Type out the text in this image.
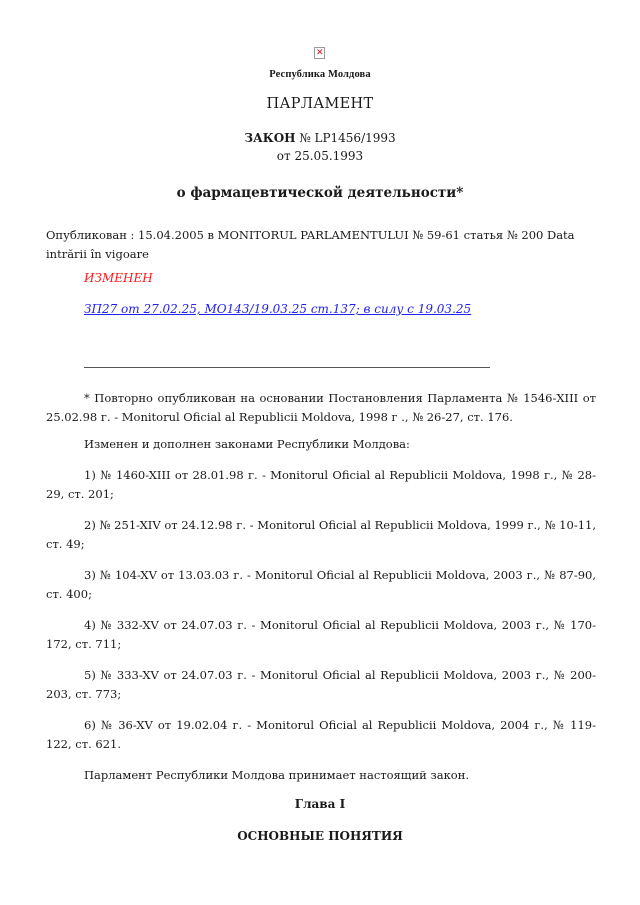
✕
Республика Молдова
ПАРЛАМЕНТ
ЗАКОН № LP1456/1993
от 25.05.1993
о фармацевтической деятельности*
Опубликован : 15.04.2005 в MONITORUL PARLAMENTULUI № 59-61 статья № 200 Data intrării în vigoare
ИЗМЕНЕН
ЗП27 от 27.02.25, MO143/19.03.25 ст.137; в силу с 19.03.25
* Повторно опубликован на основании Постановления Парламента № 1546-XIII от 25.02.98 г. - Monitorul Oficial al Republicii Moldova, 1998 г ., № 26-27, ст. 176.
Изменен и дополнен законами Республики Молдова:
1) № 1460-XIII от 28.01.98 г. - Monitorul Oficial al Republicii Moldova, 1998 г., № 28-29, ст. 201;
2) № 251-XIV от 24.12.98 г. - Monitorul Oficial al Republicii Moldova, 1999 г., № 10-11, ст. 49;
3) № 104-XV от 13.03.03 г. - Monitorul Oficial al Republicii Moldova, 2003 г., № 87-90, ст. 400;
4) № 332-XV от 24.07.03 г. - Monitorul Oficial al Republicii Moldova, 2003 г., № 170-172, ст. 711;
5) № 333-XV от 24.07.03 г. - Monitorul Oficial al Republicii Moldova, 2003 г., № 200-203, ст. 773;
6) № 36-XV от 19.02.04 г. - Monitorul Oficial al Republicii Moldova, 2004 г., № 119-122, ст. 621.
Парламент Республики Молдова принимает настоящий закон.
Глава I
ОСНОВНЫЕ ПОНЯТИЯ
